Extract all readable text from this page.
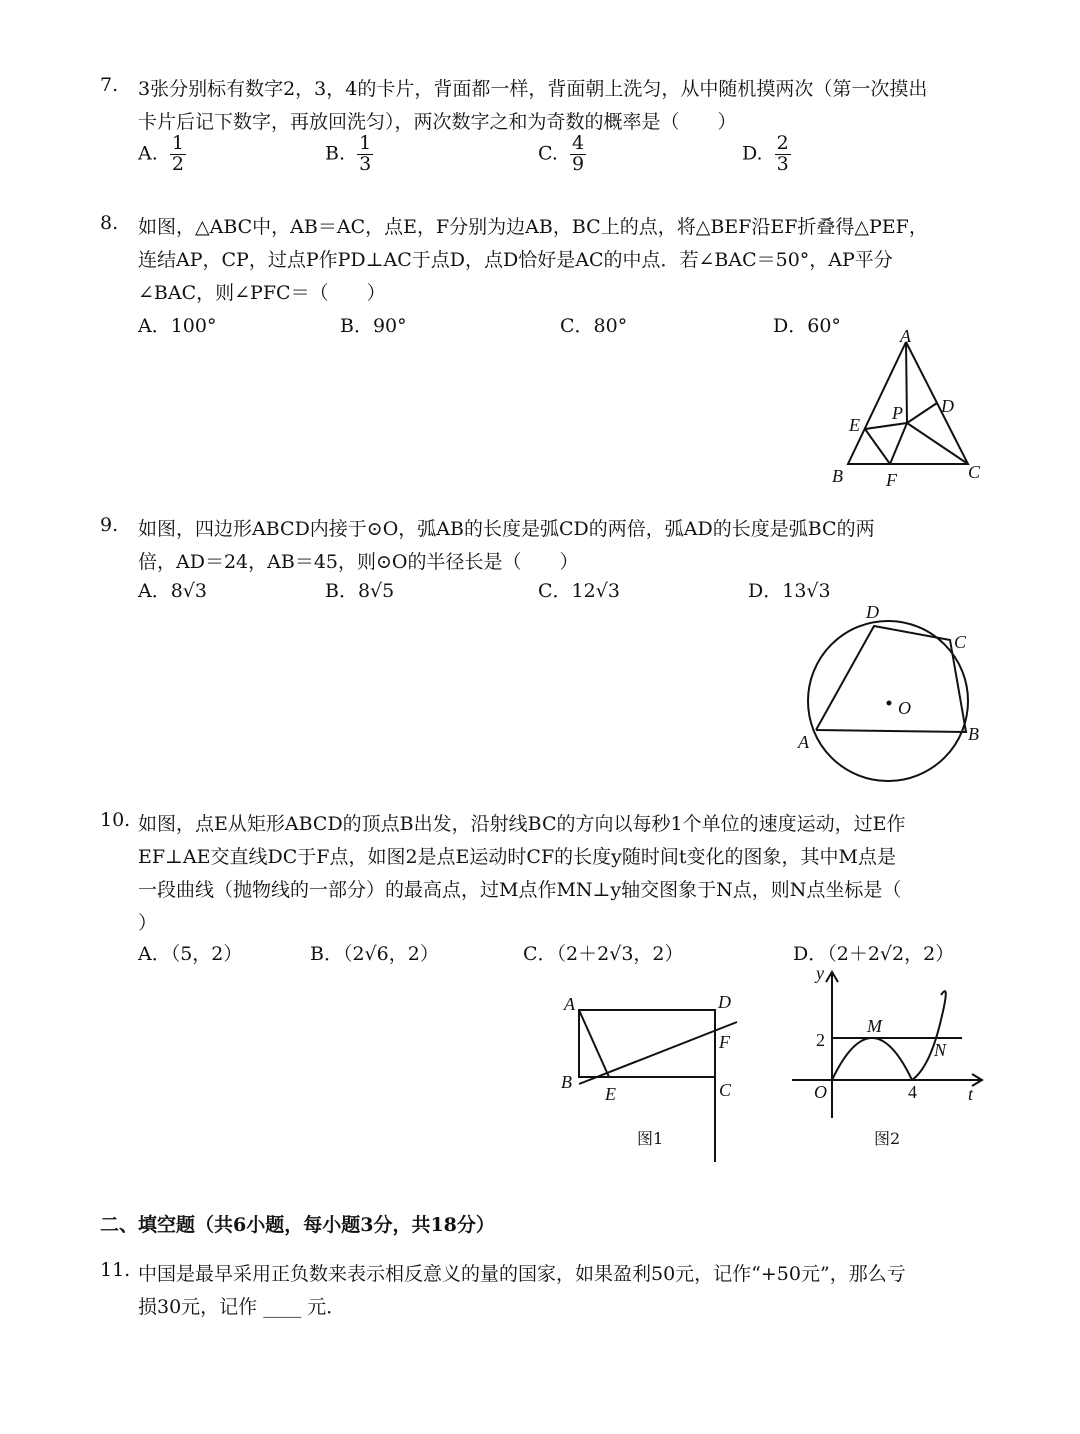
7. 3张分别标有数字2，3，4的卡片，背面都一样，背面朝上洗匀，从中随机摸两次（第一次摸出
卡片后记下数字，再放回洗匀），两次数字之和为奇数的概率是（　　）
A. $\frac{1}{2}$	B. $\frac{1}{3}$	C. $\frac{4}{9}$	D. $\frac{2}{3}$
8. 如图，△ABC中，AB＝AC，点E，F分别为边AB，BC上的点，将△BEF沿EF折叠得△PEF，
连结AP，CP，过点P作PD⊥AC于点D，点D恰好是AC的中点．若∠BAC＝50°，AP平分
∠BAC，则∠PFC＝（　　）
A．100°	B．90°	C．80°	D．60°	A
B	C
D
E
F
P
9. 如图，四边形ABCD内接于⊙O，弧AB的长度是弧CD的两倍，弧AD的长度是弧BC的两
倍，AD＝24，AB＝45，则⊙O的半径长是（　　）
A．8√3	B．8√5	C．12√3	D．13√3
D
C
O
A	B
10. 如图，点E从矩形ABCD的顶点B出发，沿射线BC的方向以每秒1个单位的速度运动，过E作
EF⊥AE交直线DC于F点，如图2是点E运动时CF的长度y随时间t变化的图象，其中M点是
一段曲线（抛物线的一部分）的最高点，过M点作MN⊥y轴交图象于N点，则N点坐标是（
）
A．（5，2）	B．（2√6，2）	C．（2＋2√3，2）	D．（2＋2√2，2）
A	D
F
B
E	C
图1
y
2
M
N
O	4	t
图2
二、填空题（共6小题，每小题3分，共18分）
11. 中国是最早采用正负数来表示相反意义的量的国家，如果盈利50元，记作“+50元”，那么亏
损30元，记作 ____ 元．
